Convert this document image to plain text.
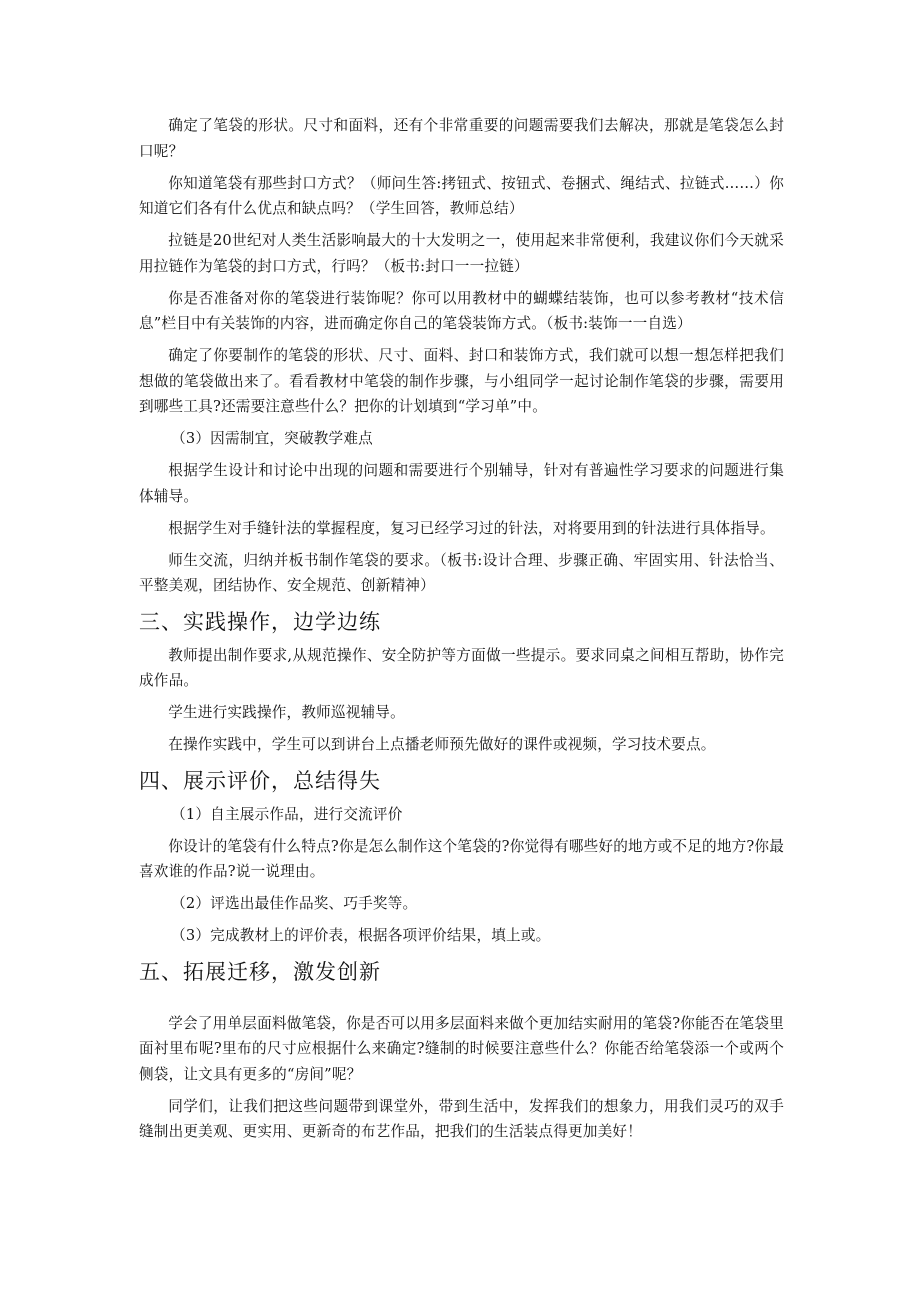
确定了笔袋的形状。尺寸和面料，还有个非常重要的问题需要我们去解决，那就是笔袋怎么封口呢？

你知道笔袋有那些封口方式？（师问生答:拷钮式、按钮式、卷捆式、绳结式、拉链式……）你知道它们各有什么优点和缺点吗？（学生回答，教师总结）

拉链是20世纪对人类生活影响最大的十大发明之一，使用起来非常便利，我建议你们今天就采用拉链作为笔袋的封口方式，行吗？（板书:封口一一拉链）

你是否准备对你的笔袋进行装饰呢？你可以用教材中的蝴蝶结装饰，也可以参考教材“技术信息”栏目中有关装饰的内容，进而确定你自己的笔袋装饰方式。（板书:装饰一一自选）

确定了你要制作的笔袋的形状、尺寸、面料、封口和装饰方式，我们就可以想一想怎样把我们想做的笔袋做出来了。看看教材中笔袋的制作步骤，与小组同学一起讨论制作笔袋的步骤，需要用到哪些工具?还需要注意些什么？把你的计划填到“学习单”中。

（3）因需制宜，突破教学难点

根据学生设计和讨论中出现的问题和需要进行个别辅导，针对有普遍性学习要求的问题进行集体辅导。

根据学生对手缝针法的掌握程度，复习已经学习过的针法，对将要用到的针法进行具体指导。

师生交流，归纳并板书制作笔袋的要求。（板书:设计合理、步骤正确、牢固实用、针法恰当、平整美观，团结协作、安全规范、创新精神）

三、实践操作，边学边练

教师提出制作要求,从规范操作、安全防护等方面做一些提示。要求同桌之间相互帮助，协作完成作品。

学生进行实践操作，教师巡视辅导。

在操作实践中，学生可以到讲台上点播老师预先做好的课件或视频，学习技术要点。

四、展示评价，总结得失

（1）自主展示作品，进行交流评价

你设计的笔袋有什么特点?你是怎么制作这个笔袋的?你觉得有哪些好的地方或不足的地方?你最喜欢谁的作品?说一说理由。

（2）评选出最佳作品奖、巧手奖等。

（3）完成教材上的评价表，根据各项评价结果，填上或。

五、拓展迁移，激发创新

学会了用单层面料做笔袋，你是否可以用多层面料来做个更加结实耐用的笔袋?你能否在笔袋里面衬里布呢?里布的尺寸应根据什么来确定?缝制的时候要注意些什么？你能否给笔袋添一个或两个侧袋，让文具有更多的“房间”呢？

同学们，让我们把这些问题带到课堂外，带到生活中，发挥我们的想象力，用我们灵巧的双手缝制出更美观、更实用、更新奇的布艺作品，把我们的生活装点得更加美好！
